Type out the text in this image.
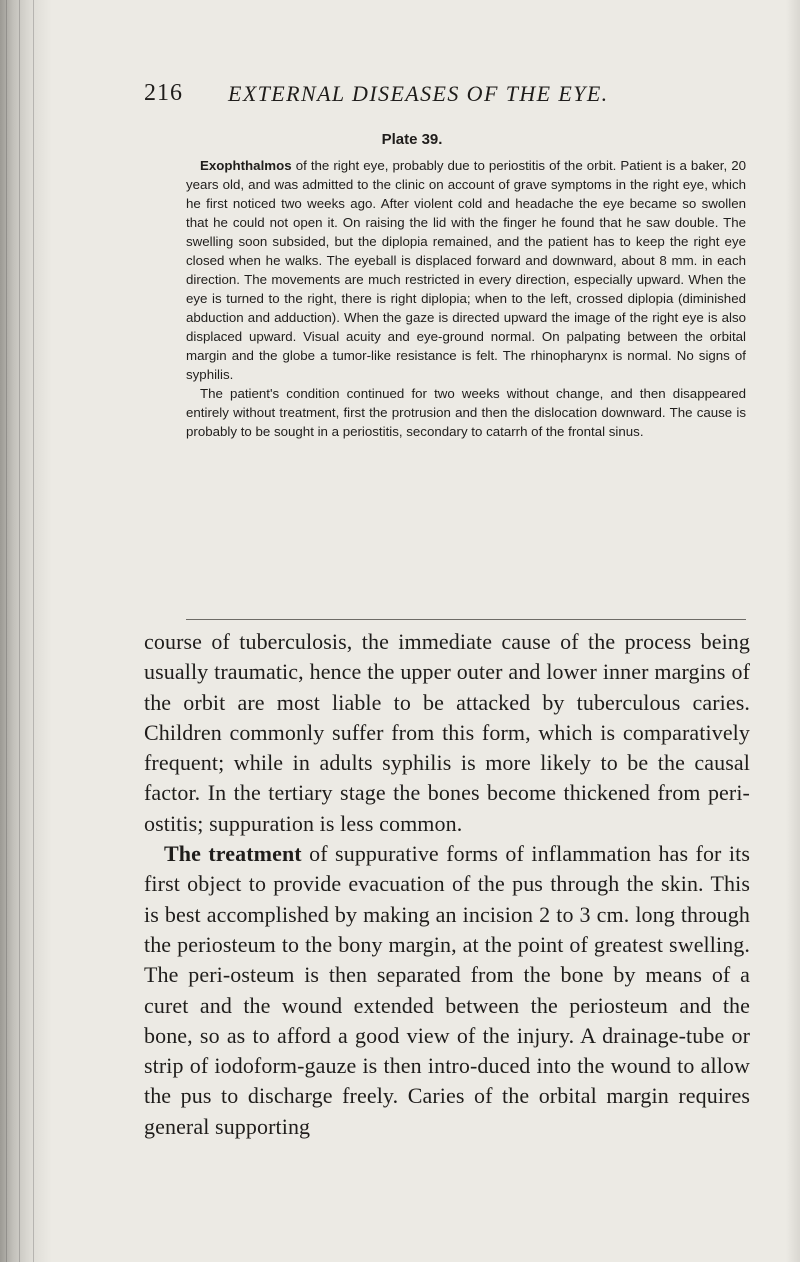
216 EXTERNAL DISEASES OF THE EYE.
Plate 39.

Exophthalmos of the right eye, probably due to periostitis of the orbit. Patient is a baker, 20 years old, and was admitted to the clinic on account of grave symptoms in the right eye, which he first noticed two weeks ago. After violent cold and headache the eye became so swollen that he could not open it. On raising the lid with the finger he found that he saw double. The swelling soon subsided, but the diplopia remained, and the patient has to keep the right eye closed when he walks. The eyeball is displaced forward and downward, about 8 mm. in each direction. The movements are much restricted in every direction, especially upward. When the eye is turned to the right, there is right diplopia; when to the left, crossed diplopia (diminished abduction and adduction). When the gaze is directed upward the image of the right eye is also displaced upward. Visual acuity and eye-ground normal. On palpating between the orbital margin and the globe a tumor-like resistance is felt. The rhinopharynx is normal. No signs of syphilis.

The patient's condition continued for two weeks without change, and then disappeared entirely without treatment, first the protrusion and then the dislocation downward. The cause is probably to be sought in a periostitis, secondary to catarrh of the frontal sinus.

course of tuberculosis, the immediate cause of the process being usually traumatic, hence the upper outer and lower inner margins of the orbit are most liable to be attacked by tuberculous caries. Children commonly suffer from this form, which is comparatively frequent; while in adults syphilis is more likely to be the causal factor. In the tertiary stage the bones become thickened from peri-ostitis; suppuration is less common.

The treatment of suppurative forms of inflammation has for its first object to provide evacuation of the pus through the skin. This is best accomplished by making an incision 2 to 3 cm. long through the periosteum to the bony margin, at the point of greatest swelling. The peri-osteum is then separated from the bone by means of a curet and the wound extended between the periosteum and the bone, so as to afford a good view of the injury. A drainage-tube or strip of iodoform-gauze is then intro-duced into the wound to allow the pus to discharge freely. Caries of the orbital margin requires general supporting
